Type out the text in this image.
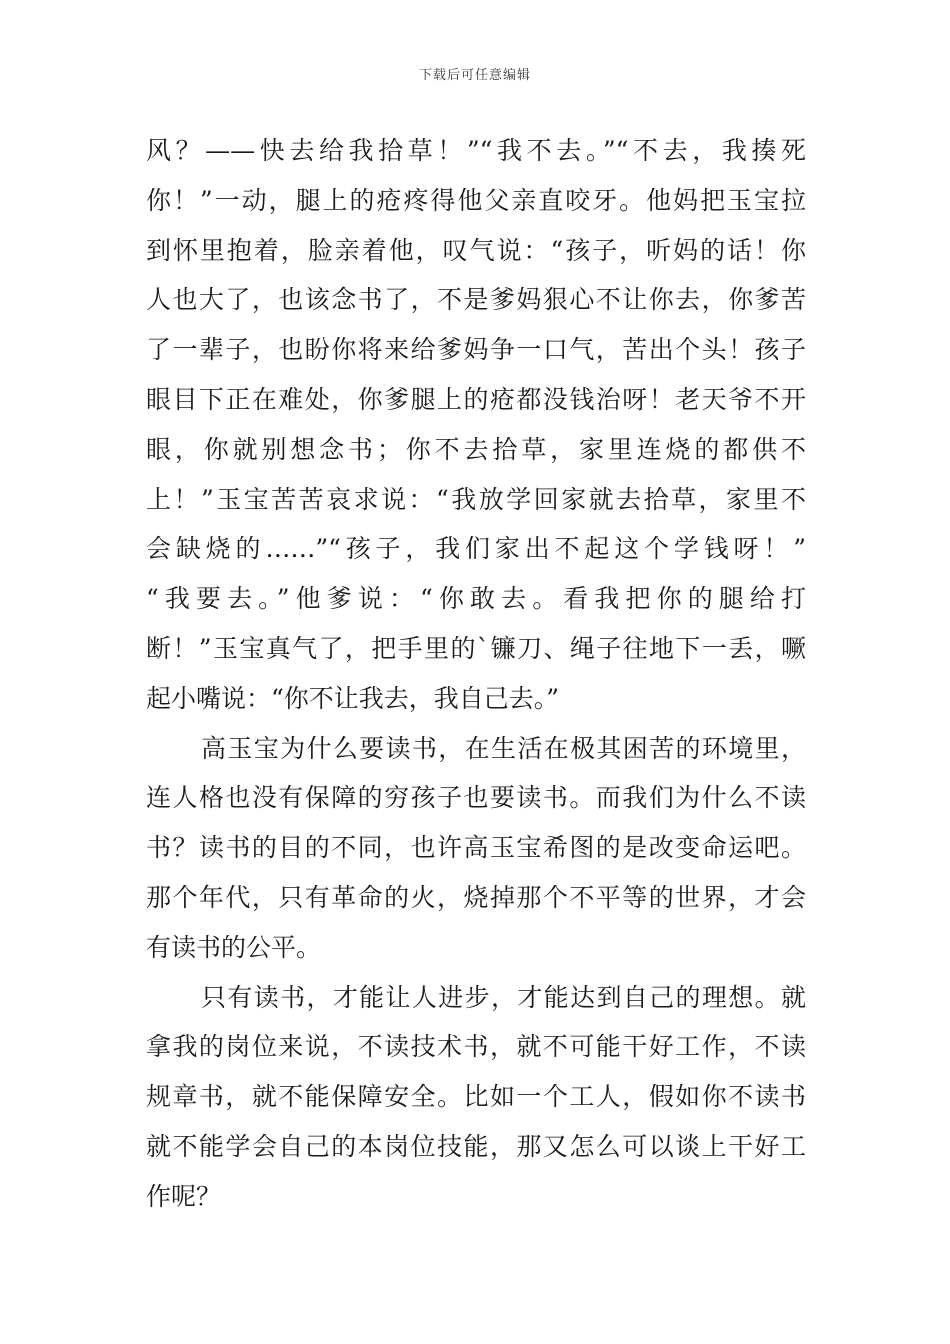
下载后可任意编辑
风？——快去给我拾草！”“我不去。”“不去，我揍死
你！”一动，腿上的疮疼得他父亲直咬牙。他妈把玉宝拉
到怀里抱着，脸亲着他，叹气说：“孩子，听妈的话！你
人也大了，也该念书了，不是爹妈狠心不让你去，你爹苦
了一辈子，也盼你将来给爹妈争一口气，苦出个头！孩子
眼目下正在难处，你爹腿上的疮都没钱治呀！老天爷不开
眼，你就别想念书；你不去拾草，家里连烧的都供不
上！”玉宝苦苦哀求说：“我放学回家就去拾草，家里不
会缺烧的……”“孩子，我们家出不起这个学钱呀！”
“我要去。”他爹说：“你敢去。看我把你的腿给打
断！”玉宝真气了，把手里的`镰刀、绳子往地下一丢，噘
起小嘴说：“你不让我去，我自己去。”
高玉宝为什么要读书，在生活在极其困苦的环境里，
连人格也没有保障的穷孩子也要读书。而我们为什么不读
书？读书的目的不同，也许高玉宝希图的是改变命运吧。
那个年代，只有革命的火，烧掉那个不平等的世界，才会
有读书的公平。
只有读书，才能让人进步，才能达到自己的理想。就
拿我的岗位来说，不读技术书，就不可能干好工作，不读
规章书，就不能保障安全。比如一个工人，假如你不读书
就不能学会自己的本岗位技能，那又怎么可以谈上干好工
作呢？
